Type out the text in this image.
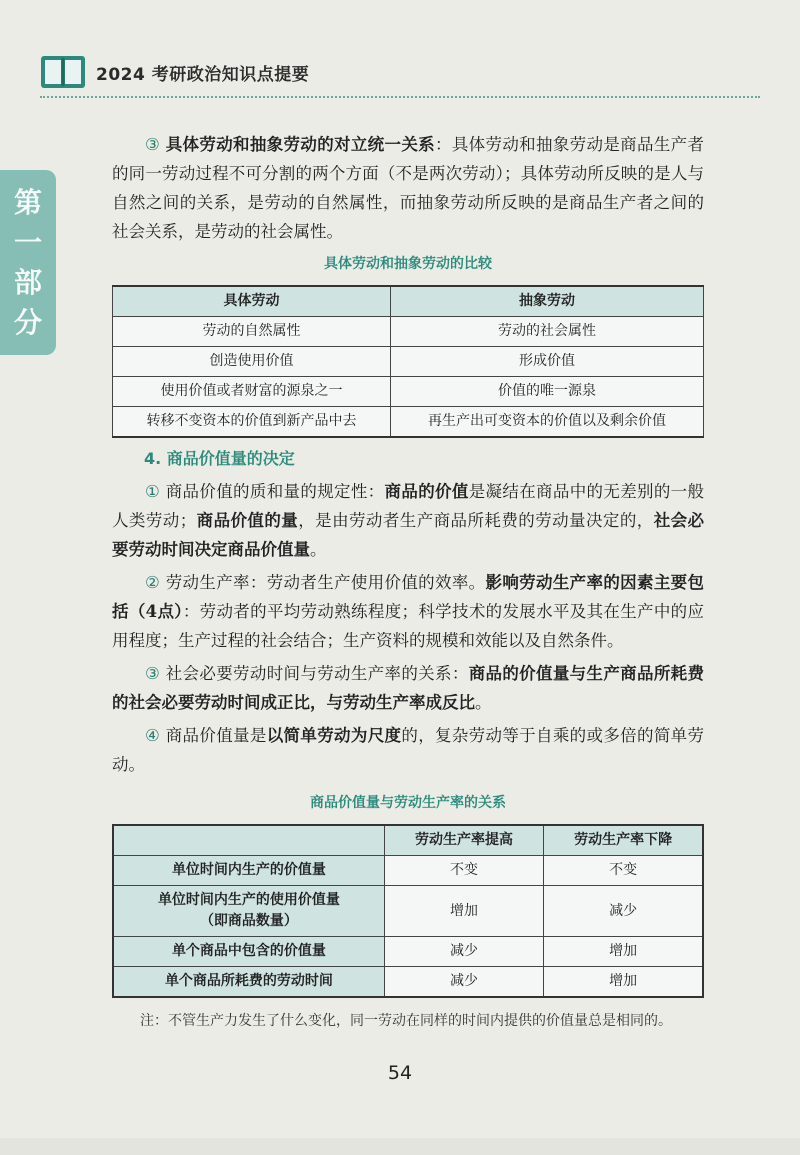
2024 考研政治知识点提要
第
一
部
分

③ 具体劳动和抽象劳动的对立统一关系：具体劳动和抽象劳动是商品生产者的同一劳动过程不可分割的两个方面（不是两次劳动）；具体劳动所反映的是人与自然之间的关系，是劳动的自然属性，而抽象劳动所反映的是商品生产者之间的社会关系，是劳动的社会属性。

具体劳动和抽象劳动的比较
具体劳动	抽象劳动
劳动的自然属性	劳动的社会属性
创造使用价值	形成价值
使用价值或者财富的源泉之一	价值的唯一源泉
转移不变资本的价值到新产品中去	再生产出可变资本的价值以及剩余价值
4. 商品价值量的决定

① 商品价值的质和量的规定性：商品的价值是凝结在商品中的无差别的一般人类劳动；商品价值的量，是由劳动者生产商品所耗费的劳动量决定的，社会必要劳动时间决定商品价值量。

② 劳动生产率：劳动者生产使用价值的效率。影响劳动生产率的因素主要包括（4点）：劳动者的平均劳动熟练程度；科学技术的发展水平及其在生产中的应用程度；生产过程的社会结合；生产资料的规模和效能以及自然条件。

③ 社会必要劳动时间与劳动生产率的关系：商品的价值量与生产商品所耗费的社会必要劳动时间成正比，与劳动生产率成反比。

④ 商品价值量是以简单劳动为尺度的，复杂劳动等于自乘的或多倍的简单劳动。

商品价值量与劳动生产率的关系
	劳动生产率提高	劳动生产率下降
单位时间内生产的价值量	不变	不变
单位时间内生产的使用价值量
（即商品数量）	增加	减少
单个商品中包含的价值量	减少	增加
单个商品所耗费的劳动时间	减少	增加

注：不管生产力发生了什么变化，同一劳动在同样的时间内提供的价值量总是相同的。

54
